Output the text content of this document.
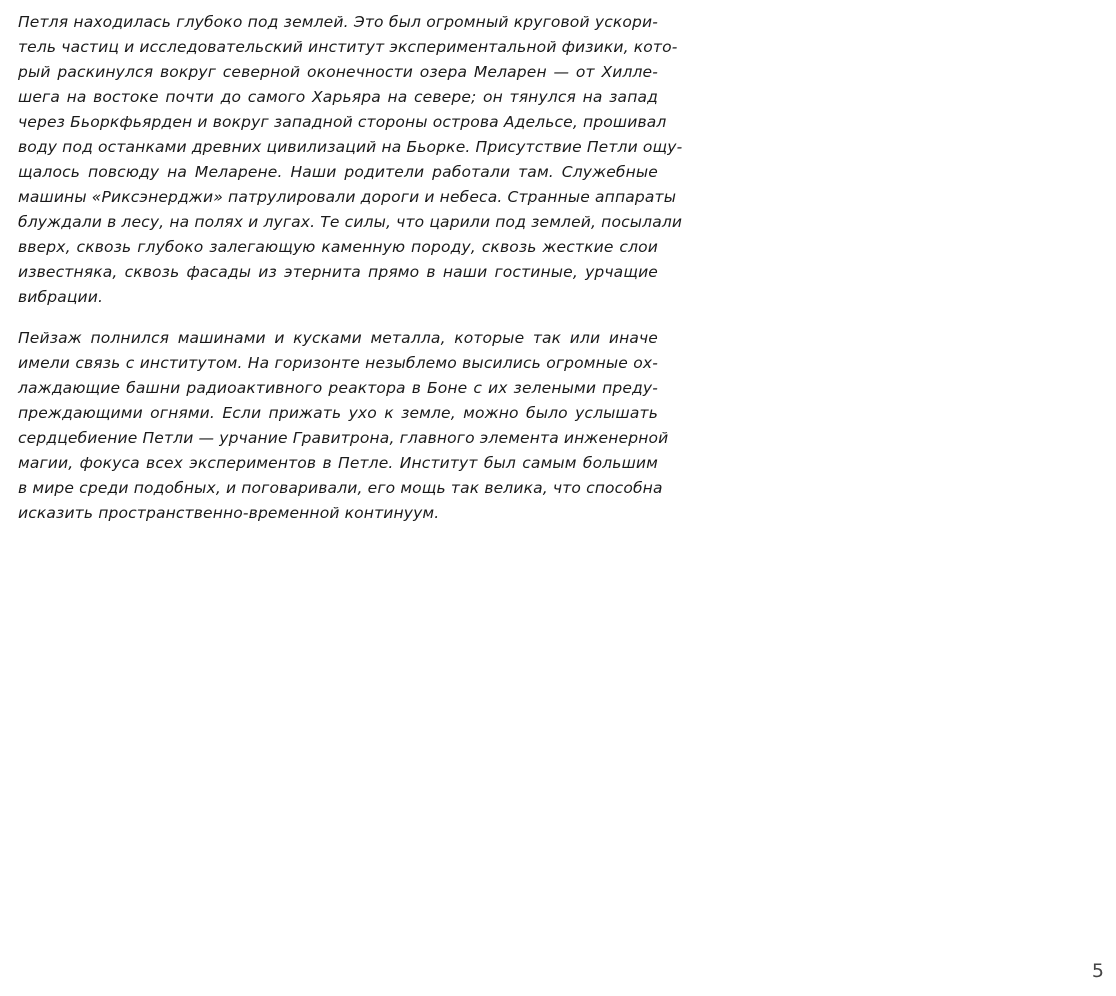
Петля находилась глубоко под землей. Это был огромный круговой ускори-
тель частиц и исследовательский институт экспериментальной физики, кото-
рый раскинулся вокруг северной оконечности озера Меларен — от Хилле-
шега на востоке почти до самого Харьяра на севере; он тянулся на запад
через Бьоркфьярден и вокруг западной стороны острова Адельсе, прошивал
воду под останками древних цивилизаций на Бьорке. Присутствие Петли ощу-
щалось повсюду на Меларене. Наши родители работали там. Служебные
машины «Риксэнерджи» патрулировали дороги и небеса. Странные аппараты
блуждали в лесу, на полях и лугах. Те силы, что царили под землей, посылали
вверх, сквозь глубоко залегающую каменную породу, сквозь жесткие слои
известняка, сквозь фасады из этернита прямо в наши гостиные, урчащие
вибрации.
Пейзаж полнился машинами и кусками металла, которые так или иначе
имели связь с институтом. На горизонте незыблемо высились огромные ох-
лаждающие башни радиоактивного реактора в Боне с их зелеными преду-
преждающими огнями. Если прижать ухо к земле, можно было услышать
сердцебиение Петли — урчание Гравитрона, главного элемента инженерной
магии, фокуса всех экспериментов в Петле. Институт был самым большим
в мире среди подобных, и поговаривали, его мощь так велика, что способна
исказить пространственно-временной континуум.
5
